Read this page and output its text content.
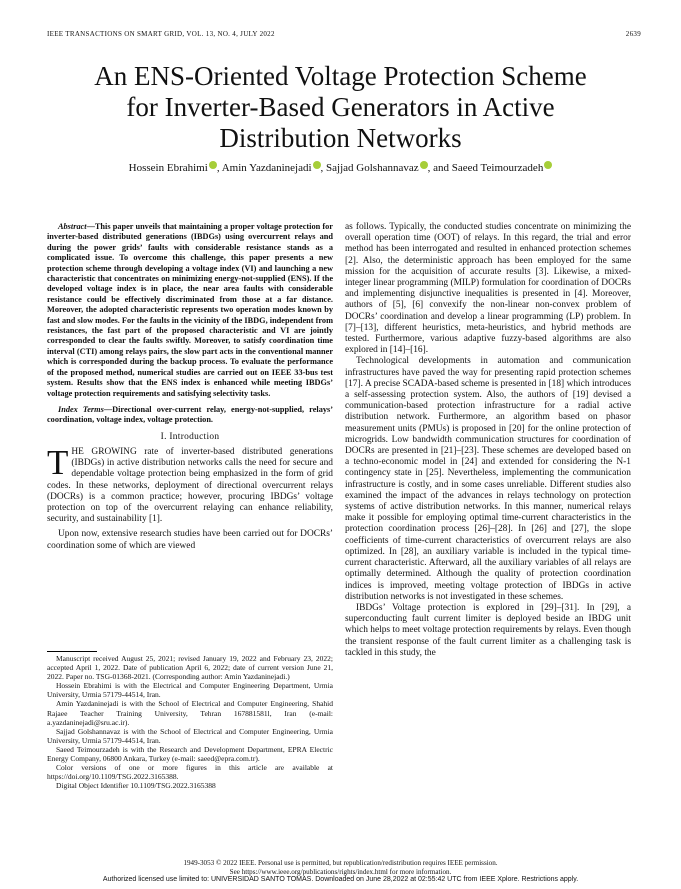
IEEE TRANSACTIONS ON SMART GRID, VOL. 13, NO. 4, JULY 2022	2639
An ENS-Oriented Voltage Protection Scheme
for Inverter-Based Generators in Active
Distribution Networks
Hossein Ebrahimi , Amin Yazdaninejadi , Sajjad Golshannavaz , and Saeed Teimourzadeh

Abstract—This paper unveils that maintaining a proper voltage protection for inverter-based distributed generations (IBDGs) using overcurrent relays and during the power grids’ faults with considerable resistance stands as a complicated issue. To overcome this challenge, this paper presents a new protection scheme through developing a voltage index (VI) and launching a new characteristic that concentrates on minimizing energy-not-supplied (ENS). If the developed voltage index is in place, the near area faults with considerable resistance could be effectively discriminated from those at a far distance. Moreover, the adopted characteristic represents two operation modes known by fast and slow modes. For the faults in the vicinity of the IBDG, independent from resistances, the fast part of the proposed characteristic and VI are jointly corresponded to clear the faults swiftly. Moreover, to satisfy coordination time interval (CTI) among relays pairs, the slow part acts in the conventional manner which is corresponded during the backup process. To evaluate the performance of the proposed method, numerical studies are carried out on IEEE 33-bus test system. Results show that the ENS index is enhanced while meeting IBDGs’ voltage protection requirements and satisfying selectivity tasks.

Index Terms—Directional over-current relay, energy-not-supplied, relays’ coordination, voltage index, voltage protection.

I. Introduction

THE GROWING rate of inverter-based distributed generations (IBDGs) in active distribution networks calls the need for secure and dependable voltage protection being emphasized in the form of grid codes. In these networks, deployment of directional overcurrent relays (DOCRs) is a common practice; however, procuring IBDGs’ voltage protection on top of the overcurrent relaying can enhance reliability, security, and sustainability [1].

Upon now, extensive research studies have been carried out for DOCRs’ coordination some of which are viewed

Manuscript received August 25, 2021; revised January 19, 2022 and February 23, 2022; accepted April 1, 2022. Date of publication April 6, 2022; date of current version June 21, 2022. Paper no. TSG-01368-2021. (Corresponding author: Amin Yazdaninejadi.)
Hossein Ebrahimi is with the Electrical and Computer Engineering Department, Urmia University, Urmia 57179-44514, Iran.
Amin Yazdaninejadi is with the School of Electrical and Computer Engineering, Shahid Rajaee Teacher Training University, Tehran 167881581l, Iran (e-mail: a.yazdaninejadi@sru.ac.ir).
Sajjad Golshannavaz is with the School of Electrical and Computer Engineering, Urmia University, Urmia 57179-44514, Iran.
Saeed Teimourzadeh is with the Research and Development Department, EPRA Electric Energy Company, 06800 Ankara, Turkey (e-mail: saeed@epra.com.tr).
Color versions of one or more figures in this article are available at https://doi.org/10.1109/TSG.2022.3165388.
Digital Object Identifier 10.1109/TSG.2022.3165388

as follows. Typically, the conducted studies concentrate on minimizing the overall operation time (OOT) of relays. In this regard, the trial and error method has been interrogated and resulted in enhanced protection schemes [2]. Also, the deterministic approach has been employed for the same mission for the acquisition of accurate results [3]. Likewise, a mixed-integer linear programming (MILP) formulation for coordination of DOCRs and implementing disjunctive inequalities is presented in [4]. Moreover, authors of [5], [6] convexify the non-linear non-convex problem of DOCRs’ coordination and develop a linear programming (LP) problem. In [7]–[13], different heuristics, meta-heuristics, and hybrid methods are tested. Furthermore, various adaptive fuzzy-based algorithms are also explored in [14]–[16].

Technological developments in automation and communication infrastructures have paved the way for presenting rapid protection schemes [17]. A precise SCADA-based scheme is presented in [18] which introduces a self-assessing protection system. Also, the authors of [19] devised a communication-based protection infrastructure for a radial active distribution network. Furthermore, an algorithm based on phasor measurement units (PMUs) is proposed in [20] for the online protection of microgrids. Low bandwidth communication structures for coordination of DOCRs are presented in [21]–[23]. These schemes are developed based on a techno-economic model in [24] and extended for considering the N-1 contingency state in [25]. Nevertheless, implementing the communication infrastructure is costly, and in some cases unreliable. Different studies also examined the impact of the advances in relays technology on protection systems of active distribution networks. In this manner, numerical relays make it possible for employing optimal time-current characteristics in the protection coordination process [26]–[28]. In [26] and [27], the slope coefficients of time-current characteristics of overcurrent relays are also optimized. In [28], an auxiliary variable is included in the typical time-current characteristic. Afterward, all the auxiliary variables of all relays are optimally determined. Although the quality of protection coordination indices is improved, meeting voltage protection of IBDGs in active distribution networks is not investigated in these schemes.

IBDGs’ Voltage protection is explored in [29]–[31]. In [29], a superconducting fault current limiter is deployed beside an IBDG unit which helps to meet voltage protection requirements by relays. Even though the transient response of the fault current limiter as a challenging task is tackled in this study, the

1949-3053 © 2022 IEEE. Personal use is permitted, but republication/redistribution requires IEEE permission.
See https://www.ieee.org/publications/rights/index.html for more information.
Authorized licensed use limited to: UNIVERSIDAD SANTO TOMAS. Downloaded on June 28,2022 at 02:55:42 UTC from IEEE Xplore. Restrictions apply.
